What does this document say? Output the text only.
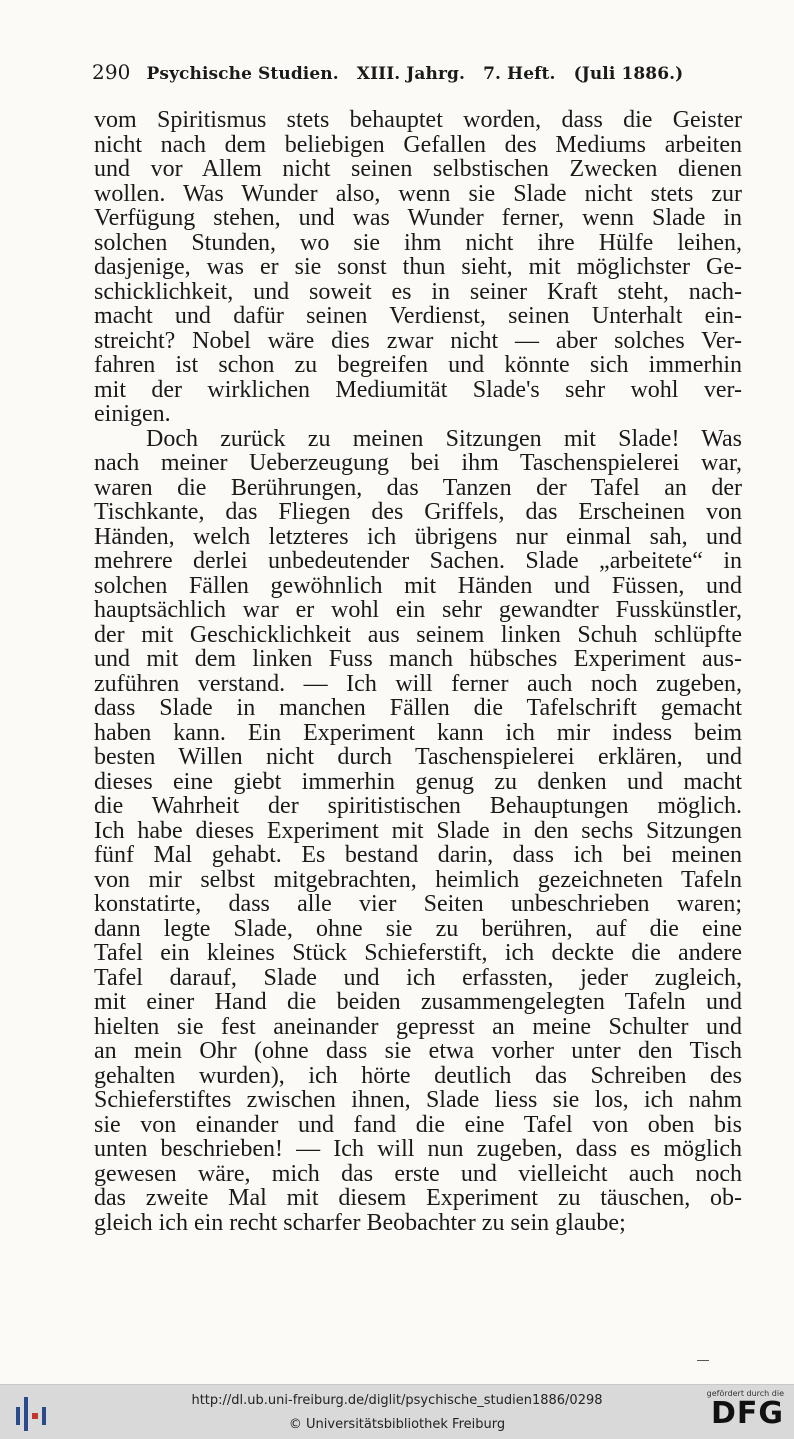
290 Psychische Studien. XIII. Jahrg. 7. Heft. (Juli 1886.)

vom Spiritismus stets behauptet worden, dass die Geister

nicht nach dem beliebigen Gefallen des Mediums arbeiten

und vor Allem nicht seinen selbstischen Zwecken dienen

wollen. Was Wunder also, wenn sie Slade nicht stets zur

Verfügung stehen, und was Wunder ferner, wenn Slade in

solchen Stunden, wo sie ihm nicht ihre Hülfe leihen,

dasjenige, was er sie sonst thun sieht, mit möglichster Ge-

schicklichkeit, und soweit es in seiner Kraft steht, nach-

macht und dafür seinen Verdienst, seinen Unterhalt ein-

streicht? Nobel wäre dies zwar nicht — aber solches Ver-

fahren ist schon zu begreifen und könnte sich immerhin

mit der wirklichen Mediumität Slade's sehr wohl ver-

einigen.

Doch zurück zu meinen Sitzungen mit Slade! Was

nach meiner Ueberzeugung bei ihm Taschenspielerei war,

waren die Berührungen, das Tanzen der Tafel an der

Tischkante, das Fliegen des Griffels, das Erscheinen von

Händen, welch letzteres ich übrigens nur einmal sah, und

mehrere derlei unbedeutender Sachen. Slade „arbeitete“ in

solchen Fällen gewöhnlich mit Händen und Füssen, und

hauptsächlich war er wohl ein sehr gewandter Fusskünstler,

der mit Geschicklichkeit aus seinem linken Schuh schlüpfte

und mit dem linken Fuss manch hübsches Experiment aus-

zuführen verstand. — Ich will ferner auch noch zugeben,

dass Slade in manchen Fällen die Tafelschrift gemacht

haben kann. Ein Experiment kann ich mir indess beim

besten Willen nicht durch Taschenspielerei erklären, und

dieses eine giebt immerhin genug zu denken und macht

die Wahrheit der spiritistischen Behauptungen möglich.

Ich habe dieses Experiment mit Slade in den sechs Sitzungen

fünf Mal gehabt. Es bestand darin, dass ich bei meinen

von mir selbst mitgebrachten, heimlich gezeichneten Tafeln

konstatirte, dass alle vier Seiten unbeschrieben waren;

dann legte Slade, ohne sie zu berühren, auf die eine

Tafel ein kleines Stück Schieferstift, ich deckte die andere

Tafel darauf, Slade und ich erfassten, jeder zugleich,

mit einer Hand die beiden zusammengelegten Tafeln und

hielten sie fest aneinander gepresst an meine Schulter und

an mein Ohr (ohne dass sie etwa vorher unter den Tisch

gehalten wurden), ich hörte deutlich das Schreiben des

Schieferstiftes zwischen ihnen, Slade liess sie los, ich nahm

sie von einander und fand die eine Tafel von oben bis

unten beschrieben! — Ich will nun zugeben, dass es möglich

gewesen wäre, mich das erste und vielleicht auch noch

das zweite Mal mit diesem Experiment zu täuschen, ob-

gleich ich ein recht scharfer Beobachter zu sein glaube;

http://dl.ub.uni-freiburg.de/diglit/psychische_studien1886/0298
© Universitätsbibliothek Freiburg
gefördert durch die
DFG
